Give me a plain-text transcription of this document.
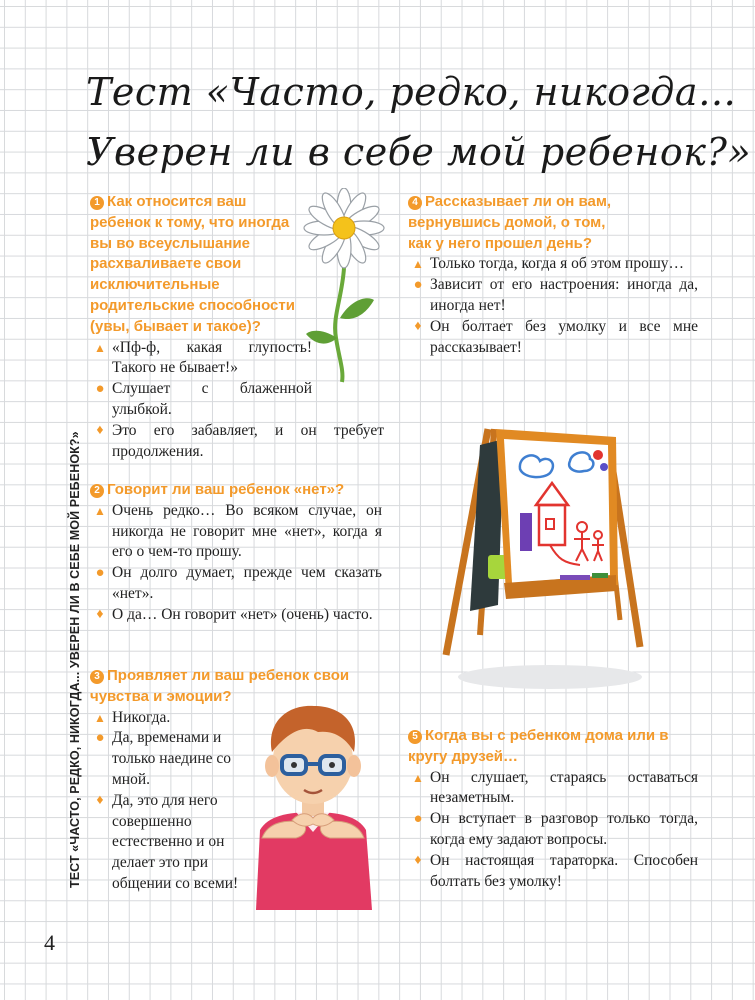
Тест «Часто, редко, никогда…
Уверен ли в себе мой ребенок?»
ТЕСТ «ЧАСТО, РЕДКО, НИКОГДА... УВЕРЕН ЛИ В СЕБЕ МОЙ РЕБЕНОК?»
4

1 Как относится ваш ребенок к тому, что иногда вы во всеуслышание расхваливаете свои исключительные родительские способности (увы, бывает и такое)?

▲ «Пф-ф, какая глупость! Такого не бывает!»
● Слушает с блаженной улыбкой.
♦ Это его забавляет, и он требует продолжения.

2 Говорит ли ваш ребенок «нет»?

▲ Очень редко… Во всяком случае, он никогда не говорит мне «нет», когда я его о чем-то прошу.
● Он долго думает, прежде чем сказать «нет».
♦ О да… Он говорит «нет» (очень) часто.

3 Проявляет ли ваш ребенок свои чувства и эмоции?

▲ Никогда.
● Да, временами и только наедине со мной.
♦ Да, это для него совершенно естественно и он делает это при общении со всеми!

4 Рассказывает ли он вам, вернувшись домой, о том, как у него прошел день?

▲ Только тогда, когда я об этом прошу…
● Зависит от его настроения: иногда да, иногда нет!
♦ Он болтает без умолку и все мне рассказывает!

5 Когда вы с ребенком дома или в кругу друзей…

▲ Он слушает, стараясь оставаться незаметным.
● Он вступает в разговор только тогда, когда ему задают вопросы.
♦ Он настоящая тараторка. Способен болтать без умолку!
